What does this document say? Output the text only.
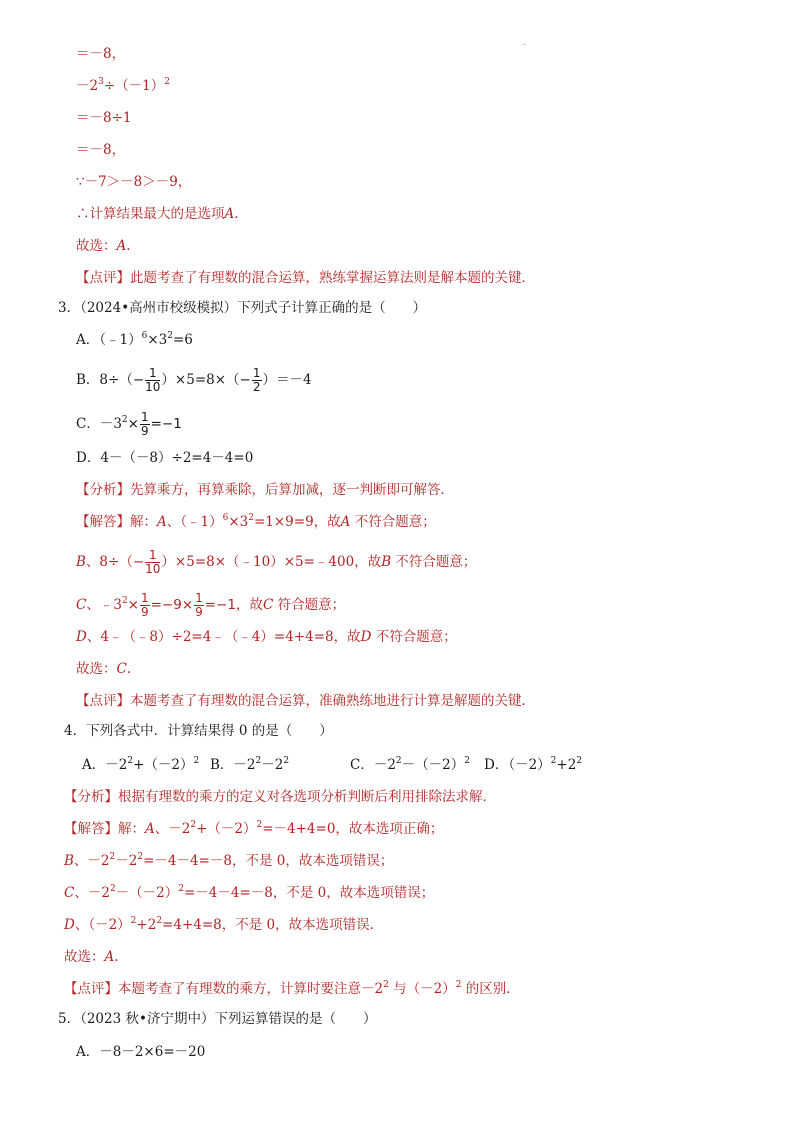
＝－8，
$-2^3\div(-1)^2$
＝－8÷1
＝－8，
∵－7＞－8＞－9，
∴计算结果最大的是选项A.
故选：A.
【点评】此题考查了有理数的混合运算，熟练掌握运算法则是解本题的关键．
3．（2024•高州市校级模拟）下列式子计算正确的是（　　）
A．$(﹣1)^6\times 3^2=6$
B．$8\div(- \frac{1}{10} )\times 5=8\times(- \frac{1}{2} )=-4$
C．$-3^2\times \frac{1}{9} =-1$
D．4－（－8）÷2=4－4=0
【分析】先算乘方，再算乘除，后算加减，逐一判断即可解答．
【解答】解：A、$(﹣1)^6\times 3^2=1\times 9=9$，故A 不符合题意；
B、$8\div(- \frac{1}{10}$ ）×5=8×（﹣10）×5=﹣400，故B 不符合题意；
C、$﹣3^2\times \frac{1}{9} =-9\times \frac{1}{9} =-1$，故C 符合题意；
D、4﹣（﹣8）÷2=4﹣（﹣4）=4+4=8，故D 不符合题意；
故选：C.
【点评】本题考查了有理数的混合运算，准确熟练地进行计算是解题的关键．
4．下列各式中．计算结果得 0 的是（　　）
A．$-2^2+(-2)^2$ B．$-2^2-2^2$	C．$-2^2-(-2)^2$ D．$(-2)^2+2^2$
【分析】根据有理数的乘方的定义对各选项分析判断后利用排除法求解．
【解答】解：A、$-2^2+(-2)^2=-4+4=0$，故本选项正确；
B、$-2^2-2^2=-4-4=-8$，不是 0，故本选项错误；
C、$-2^2-(-2)^2=-4-4=-8$，不是 0，故本选项错误；
D、$(-2)^2+2^2=4+4=8$，不是 0，故本选项错误．
故选：A.
【点评】本题考查了有理数的乘方，计算时要注意$-2^2$ 与$(-2)^2$ 的区别．
5．（2023 秋•济宁期中）下列运算错误的是（　　）
A．－8－2×6=－20
